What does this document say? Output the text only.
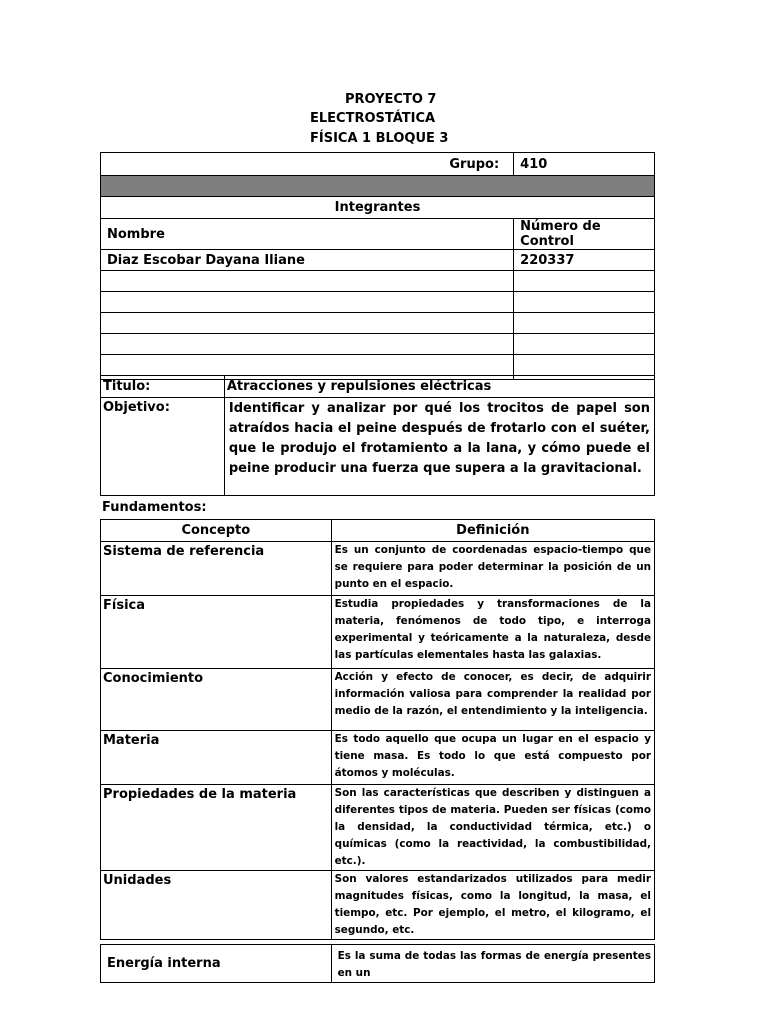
PROYECTO 7
ELECTROSTÁTICA
FÍSICA 1 BLOQUE 3
Grupo:	410

Integrantes	
Nombre	Número de Control
Diaz Escobar Dayana Iliane	220337

Titulo:	Atracciones y repulsiones eléctricas
Objetivo:	Identificar y analizar por qué los trocitos de papel son atraídos hacia el peine después de frotarlo con el suéter, que le produjo el frotamiento a la lana, y cómo puede el peine producir una fuerza que supera a la gravitacional.
Fundamentos:
Concepto	Definición
Sistema de referencia	Es un conjunto de coordenadas espacio-tiempo que se requiere para poder determinar la posición de un punto en el espacio.
Física	Estudia propiedades y transformaciones de la materia, fenómenos de todo tipo, e interroga experimental y teóricamente a la naturaleza, desde las partículas elementales hasta las galaxias.
Conocimiento	Acción y efecto de conocer, es decir, de adquirir información valiosa para comprender la realidad por medio de la razón, el entendimiento y la inteligencia.
Materia	Es todo aquello que ocupa un lugar en el espacio y tiene masa. Es todo lo que está compuesto por átomos y moléculas.
Propiedades de la materia	Son las características que describen y distinguen a diferentes tipos de materia. Pueden ser físicas (como la densidad, la conductividad térmica, etc.) o químicas (como la reactividad, la combustibilidad, etc.).
Unidades	Son valores estandarizados utilizados para medir magnitudes físicas, como la longitud, la masa, el tiempo, etc. Por ejemplo, el metro, el kilogramo, el segundo, etc.
Energía interna	Es la suma de todas las formas de energía presentes en un
